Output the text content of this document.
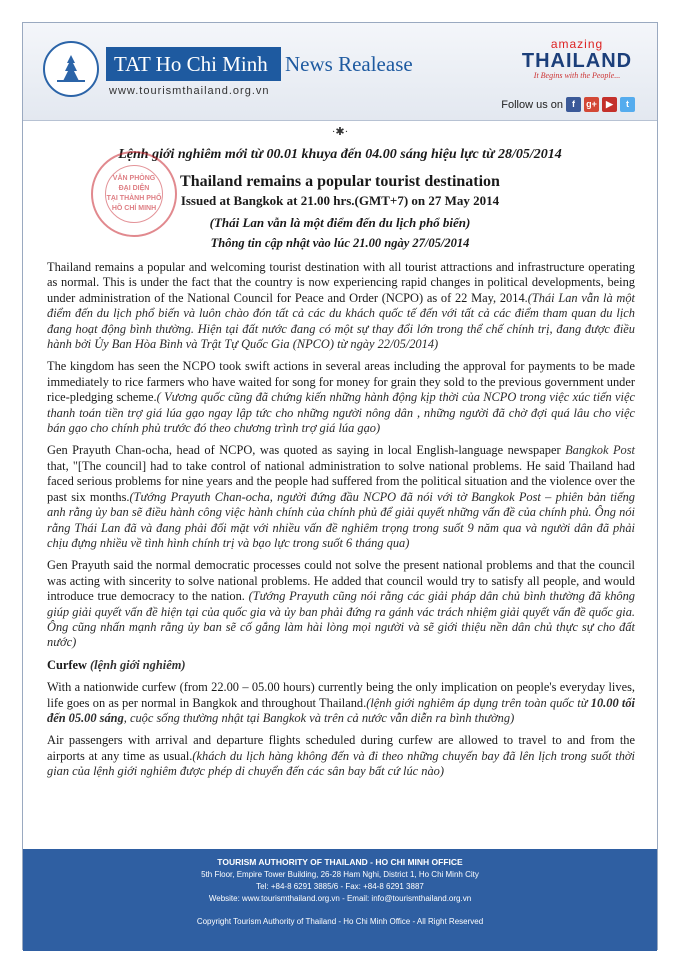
TAT Ho Chi Minh News Realease
www.tourismthailand.org.vn
amazing
THAILAND
It Begins with the People...
Follow us on	f	g+	▶	t
·✱·
Lệnh giới nghiêm mới từ 00.01 khuya đến 04.00 sáng hiệu lực từ 28/05/2014
VĂN PHÒNG
ĐẠI DIỆN
TẠI THÀNH PHỐ
HỒ CHÍ MINH
Thailand remains a popular tourist destination
Issued at Bangkok at 21.00 hrs.(GMT+7) on 27 May 2014
(Thái Lan vẫn là một điểm đến du lịch phổ biến)
Thông tin cập nhật vào lúc 21.00 ngày 27/05/2014

Thailand remains a popular and welcoming tourist destination with all tourist attractions and infrastructure operating as normal. This is under the fact that the country is now experiencing rapid changes in political developments, being under administration of the National Council for Peace and Order (NCPO) as of 22 May, 2014.(Thái Lan vẫn là một điểm đến du lịch phổ biến và luôn chào đón tất cả các du khách quốc tế đến với tất cả các điểm tham quan du lịch đang hoạt động bình thường. Hiện tại đất nước đang có một sự thay đổi lớn trong thể chế chính trị, đang được điều hành bởi Ủy Ban Hòa Bình và Trật Tự Quốc Gia (NPCO) từ ngày 22/05/2014)

The kingdom has seen the NCPO took swift actions in several areas including the approval for payments to be made immediately to rice farmers who have waited for song for money for grain they sold to the previous government under rice-pledging scheme.( Vương quốc cũng đã chứng kiến những hành động kịp thời của NCPO trong việc xúc tiến việc thanh toán tiền trợ giá lúa gạo ngay lập tức cho những người nông dân , những người đã chờ đợi quá lâu cho việc bán gạo cho chính phủ trước đó theo chương trình trợ giá lúa gạo)

Gen Prayuth Chan-ocha, head of NCPO, was quoted as saying in local English-language newspaper Bangkok Post that, "[The council] had to take control of national administration to solve national problems. He said Thailand had faced serious problems for nine years and the people had suffered from the political situation and the violence over the past six months.(Tướng Prayuth Chan-ocha, người đứng đầu NCPO đã nói với tờ Bangkok Post – phiên bản tiếng anh rằng ủy ban sẽ điều hành công việc hành chính của chính phủ để giải quyết những vấn đề của chính phủ. Ông nói rằng Thái Lan đã và đang phải đối mặt với nhiều vấn đề nghiêm trọng trong suốt 9 năm qua và người dân đã phải chịu đựng nhiều về tình hình chính trị và bạo lực trong suốt 6 tháng qua)

Gen Prayuth said the normal democratic processes could not solve the present national problems and that the council was acting with sincerity to solve national problems. He added that council would try to satisfy all people, and would introduce true democracy to the nation. (Tướng Prayuth cũng nói rằng các giải pháp dân chủ bình thường đã không giúp giải quyết vấn đề hiện tại của quốc gia và ủy ban phải đứng ra gánh vác trách nhiệm giải quyết vấn đề quốc gia. Ông cũng nhấn mạnh rằng ủy ban sẽ cố gắng làm hài lòng mọi người và sẽ giới thiệu nền dân chủ thực sự cho đất nước)

Curfew (lệnh giới nghiêm)

With a nationwide curfew (from 22.00 – 05.00 hours) currently being the only implication on people's everyday lives, life goes on as per normal in Bangkok and throughout Thailand.(lệnh giới nghiêm áp dụng trên toàn quốc từ 10.00 tối đến 05.00 sáng, cuộc sống thường nhật tại Bangkok và trên cả nước vẫn diễn ra bình thường)

Air passengers with arrival and departure flights scheduled during curfew are allowed to travel to and from the airports at any time as usual.(khách du lịch hàng không đến và đi theo những chuyến bay đã lên lịch trong suốt thời gian của lệnh giới nghiêm được phép di chuyển đến các sân bay bất cứ lúc nào)

TOURISM AUTHORITY OF THAILAND - HO CHI MINH OFFICE
5th Floor, Empire Tower Building, 26-28 Ham Nghi, District 1, Ho Chi Minh City
Tel: +84-8 6291 3885/6 - Fax: +84-8 6291 3887
Website: www.tourismthailand.org.vn - Email: info@tourismthailand.org.vn
Copyright Tourism Authority of Thailand - Ho Chi Minh Office - All Right Reserved
